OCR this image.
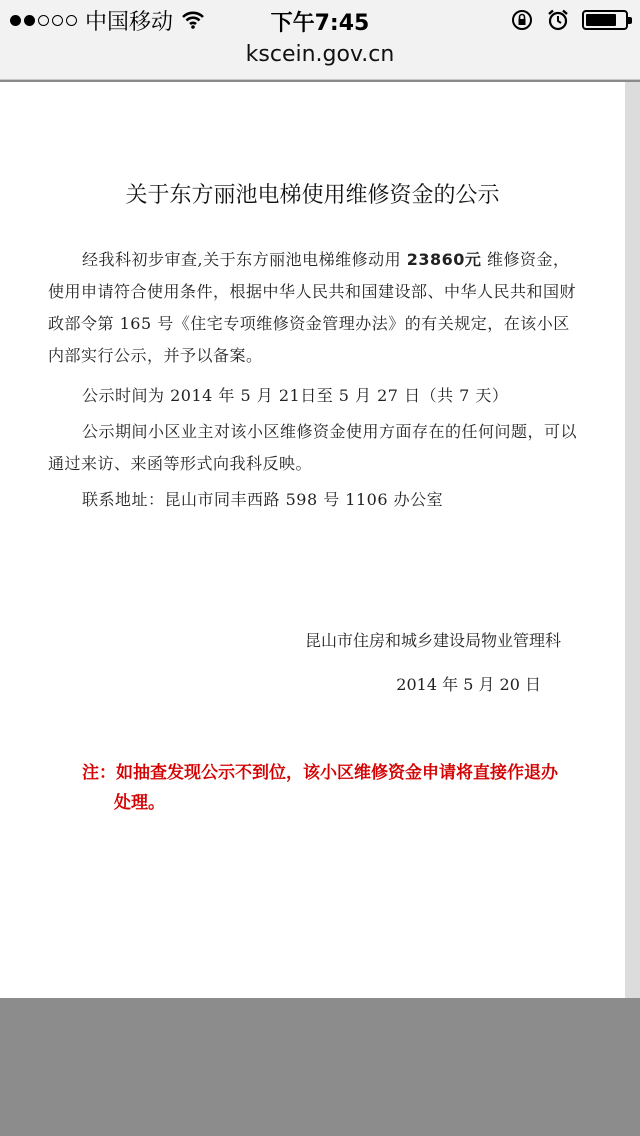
中国移动	下午7:45
kscein.gov.cn
关于东方丽池电梯使用维修资金的公示
经我科初步审查,关于东方丽池电梯维修动用 23860元 维修资金，使用申请符合使用条件，根据中华人民共和国建设部、中华人民共和国财政部令第 165 号《住宅专项维修资金管理办法》的有关规定，在该小区内部实行公示，并予以备案。
公示时间为 2014 年 5 月 21日至 5 月 27 日（共 7 天）
公示期间小区业主对该小区维修资金使用方面存在的任何问题，可以通过来访、来函等形式向我科反映。
联系地址：昆山市同丰西路 598 号 1106 办公室
昆山市住房和城乡建设局物业管理科
2014 年 5 月 20 日
注：如抽查发现公示不到位，该小区维修资金申请将直接作退办处理。
